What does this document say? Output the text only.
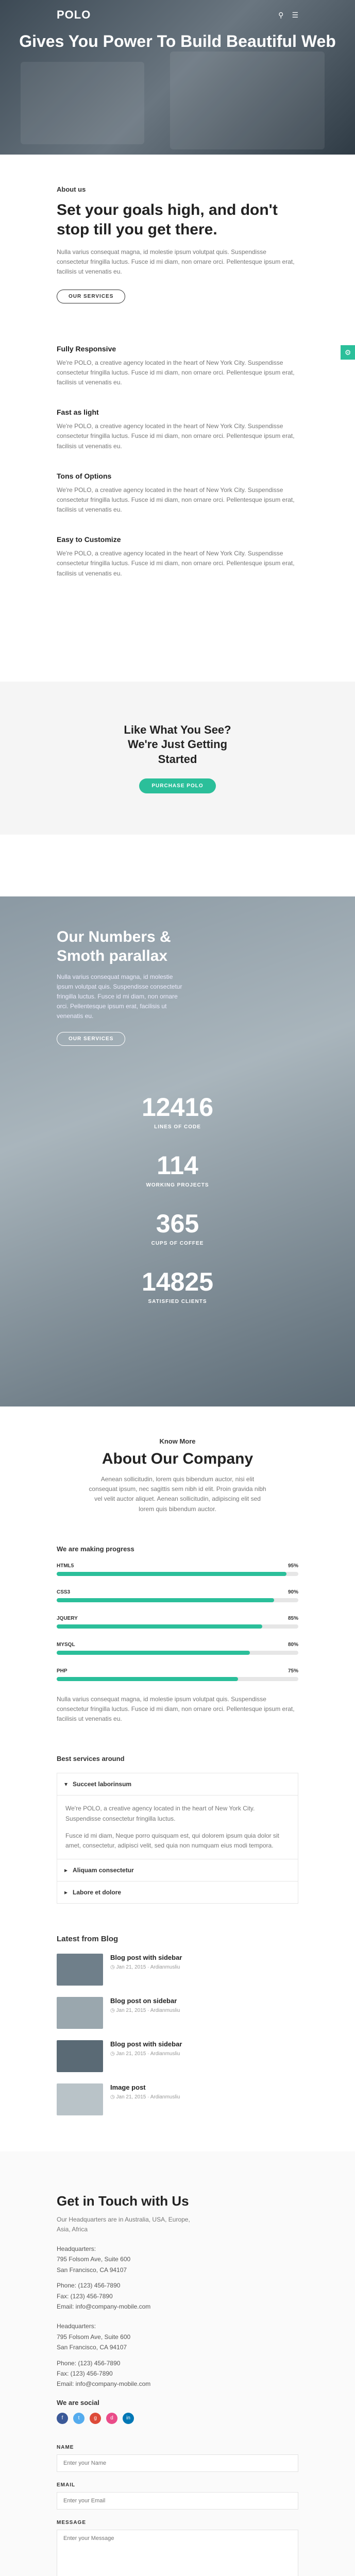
POLO	⚲ ☰
Gives You Power To Build Beautiful Web
About us
Set your goals high, and don't stop till you get there.
Nulla varius consequat magna, id molestie ipsum volutpat quis. Suspendisse consectetur fringilla luctus. Fusce id mi diam, non ornare orci. Pellentesque ipsum erat, facilisis ut venenatis eu.
OUR SERVICES
⚙
Fully Responsive
We're POLO, a creative agency located in the heart of New York City. Suspendisse consectetur fringilla luctus. Fusce id mi diam, non ornare orci. Pellentesque ipsum erat, facilisis ut venenatis eu.
Fast as light
We're POLO, a creative agency located in the heart of New York City. Suspendisse consectetur fringilla luctus. Fusce id mi diam, non ornare orci. Pellentesque ipsum erat, facilisis ut venenatis eu.
Tons of Options
We're POLO, a creative agency located in the heart of New York City. Suspendisse consectetur fringilla luctus. Fusce id mi diam, non ornare orci. Pellentesque ipsum erat, facilisis ut venenatis eu.
Easy to Customize
We're POLO, a creative agency located in the heart of New York City. Suspendisse consectetur fringilla luctus. Fusce id mi diam, non ornare orci. Pellentesque ipsum erat, facilisis ut venenatis eu.
Like What You See? We're Just Getting Started
PURCHASE POLO
Our Numbers & Smoth parallax
Nulla varius consequat magna, id molestie ipsum volutpat quis. Suspendisse consectetur fringilla luctus. Fusce id mi diam, non ornare orci. Pellentesque ipsum erat, facilisis ut venenatis eu.
OUR SERVICES
12416
LINES OF CODE
114
WORKING PROJECTS
365
CUPS OF COFFEE
14825
SATISFIED CLIENTS
Know More
About Our Company
Aenean sollicitudin, lorem quis bibendum auctor, nisi elit consequat ipsum, nec sagittis sem nibh id elit. Proin gravida nibh vel velit auctor aliquet. Aenean sollicitudin, adipiscing elit sed lorem quis bibendum auctor.
We are making progress
HTML5	95%
CSS3	90%
JQUERY	85%
MYSQL	80%
PHP	75%
Nulla varius consequat magna, id molestie ipsum volutpat quis. Suspendisse consectetur fringilla luctus. Fusce id mi diam, non ornare orci. Pellentesque ipsum erat, facilisis ut venenatis eu.
Best services around
▾ Succeet laborinsum
We're POLO, a creative agency located in the heart of New York City. Suspendisse consectetur fringilla luctus.
Fusce id mi diam, Neque porro quisquam est, qui dolorem ipsum quia dolor sit amet, consectetur, adipisci velit, sed quia non numquam eius modi tempora.
▸ Aliquam consectetur
▸ Labore et dolore
Latest from Blog
Blog post with sidebar
◷ Jan 21, 2015 · Ardianmusliu
Blog post on sidebar
◷ Jan 21, 2015 · Ardianmusliu
Blog post with sidebar
◷ Jan 21, 2015 · Ardianmusliu
Image post
◷ Jan 21, 2015 · Ardianmusliu
Get in Touch with Us
Our Headquarters are in Australia, USA, Europe, Asia, Africa
Headquarters:
795 Folsom Ave, Suite 600
San Francisco, CA 94107
Phone: (123) 456-7890
Fax: (123) 456-7890
Email: info@company-mobile.com
Headquarters:
795 Folsom Ave, Suite 600
San Francisco, CA 94107
Phone: (123) 456-7890
Fax: (123) 456-7890
Email: info@company-mobile.com
We are social
f	t	g	d	in
NAME
Enter your Name
EMAIL
Enter your Email
MESSAGE
Enter your Message
